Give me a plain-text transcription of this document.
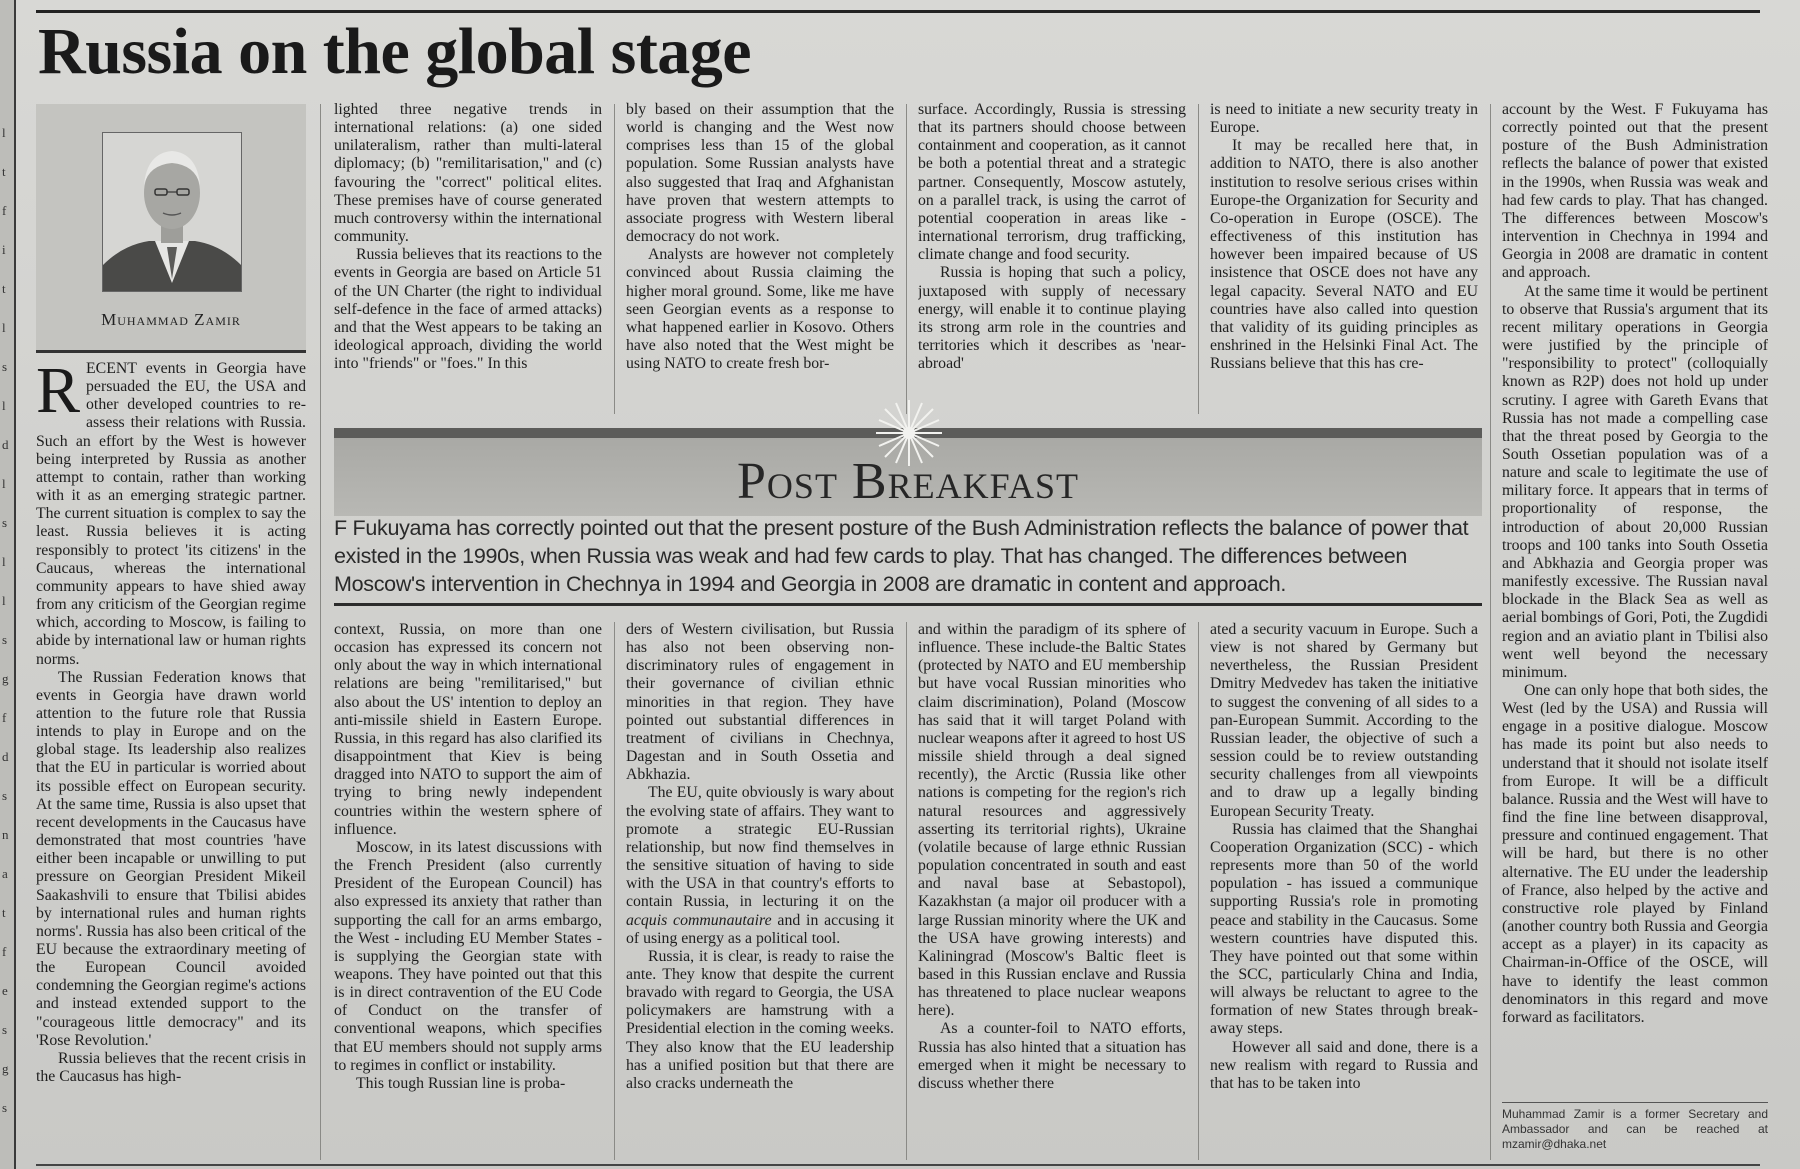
l
t
f
i
t
l
s
l
d
l
s
l
l
s
g
f
d
s
n
a
t
f
e
s
g
s
Russia on the global stage
Muhammad Zamir

RECENT events in Georgia have persuaded the EU, the USA and other developed countries to re-assess their relations with Russia. Such an effort by the West is however being interpreted by Russia as another attempt to contain, rather than working with it as an emerging strategic partner. The current situation is complex to say the least. Russia believes it is acting responsibly to protect 'its citizens' in the Caucaus, whereas the international community appears to have shied away from any criticism of the Georgian regime which, according to Moscow, is failing to abide by international law or human rights norms.

The Russian Federation knows that events in Georgia have drawn world attention to the future role that Russia intends to play in Europe and on the global stage. Its leadership also realizes that the EU in particular is worried about its possible effect on European security. At the same time, Russia is also upset that recent developments in the Caucasus have demonstrated that most countries 'have either been incapable or unwilling to put pressure on Georgian President Mikeil Saakashvili to ensure that Tbilisi abides by international rules and human rights norms'. Russia has also been critical of the EU because the extraordinary meeting of the European Council avoided condemning the Georgian regime's actions and instead extended support to the "courageous little democracy" and its 'Rose Revolution.'

Russia believes that the recent crisis in the Caucasus has high-

lighted three negative trends in international relations: (a) one sided unilateralism, rather than multi-lateral diplomacy; (b) "remilitarisation," and (c) favouring the "correct" political elites. These premises have of course generated much controversy within the international community.

Russia believes that its reactions to the events in Georgia are based on Article 51 of the UN Charter (the right to individual self-defence in the face of armed attacks) and that the West appears to be taking an ideological approach, dividing the world into "friends" or "foes." In this

bly based on their assumption that the world is changing and the West now comprises less than 15 of the global population. Some Russian analysts have also suggested that Iraq and Afghanistan have proven that western attempts to associate progress with Western liberal democracy do not work.

Analysts are however not completely convinced about Russia claiming the higher moral ground. Some, like me have seen Georgian events as a response to what happened earlier in Kosovo. Others have also noted that the West might be using NATO to create fresh bor-

surface. Accordingly, Russia is stressing that its partners should choose between containment and cooperation, as it cannot be both a potential threat and a strategic partner. Consequently, Moscow astutely, on a parallel track, is using the carrot of potential cooperation in areas like - international terrorism, drug trafficking, climate change and food security.

Russia is hoping that such a policy, juxtaposed with supply of necessary energy, will enable it to continue playing its strong arm role in the countries and territories which it describes as 'near-abroad'

is need to initiate a new security treaty in Europe.

It may be recalled here that, in addition to NATO, there is also another institution to resolve serious crises within Europe-the Organization for Security and Co-operation in Europe (OSCE). The effectiveness of this institution has however been impaired because of US insistence that OSCE does not have any legal capacity. Several NATO and EU countries have also called into question that validity of its guiding principles as enshrined in the Helsinki Final Act. The Russians believe that this has cre-

account by the West. F Fukuyama has correctly pointed out that the present posture of the Bush Administration reflects the balance of power that existed in the 1990s, when Russia was weak and had few cards to play. That has changed. The differences between Moscow's intervention in Chechnya in 1994 and Georgia in 2008 are dramatic in content and approach.

At the same time it would be pertinent to observe that Russia's argument that its recent military operations in Georgia were justified by the principle of "responsibility to protect" (colloquially known as R2P) does not hold up under scrutiny. I agree with Gareth Evans that Russia has not made a compelling case that the threat posed by Georgia to the South Ossetian population was of a nature and scale to legitimate the use of military force. It appears that in terms of proportionality of response, the introduction of about 20,000 Russian troops and 100 tanks into South Ossetia and Abkhazia and Georgia proper was manifestly excessive. The Russian naval blockade in the Black Sea as well as aerial bombings of Gori, Poti, the Zugdidi region and an aviatio plant in Tbilisi also went well beyond the necessary minimum.

One can only hope that both sides, the West (led by the USA) and Russia will engage in a positive dialogue. Moscow has made its point but also needs to understand that it should not isolate itself from Europe. It will be a difficult balance. Russia and the West will have to find the fine line between disapproval, pressure and continued engagement. That will be hard, but there is no other alternative. The EU under the leadership of France, also helped by the active and constructive role played by Finland (another country both Russia and Georgia accept as a player) in its capacity as Chairman-in-Office of the OSCE, will have to identify the least common denominators in this regard and move forward as facilitators.

Post Breakfast
F Fukuyama has correctly pointed out that the present posture of the Bush Administration reflects the balance of power that existed in the 1990s, when Russia was weak and had few cards to play. That has changed. The differences between Moscow's intervention in Chechnya in 1994 and Georgia in 2008 are dramatic in content and approach.

context, Russia, on more than one occasion has expressed its concern not only about the way in which international relations are being "remilitarised," but also about the US' intention to deploy an anti-missile shield in Eastern Europe. Russia, in this regard has also clarified its disappointment that Kiev is being dragged into NATO to support the aim of trying to bring newly independent countries within the western sphere of influence.

Moscow, in its latest discussions with the French President (also currently President of the European Council) has also expressed its anxiety that rather than supporting the call for an arms embargo, the West - including EU Member States - is supplying the Georgian state with weapons. They have pointed out that this is in direct contravention of the EU Code of Conduct on the transfer of conventional weapons, which specifies that EU members should not supply arms to regimes in conflict or instability.

This tough Russian line is proba-

ders of Western civilisation, but Russia has also not been observing non-discriminatory rules of engagement in their governance of civilian ethnic minorities in that region. They have pointed out substantial differences in treatment of civilians in Chechnya, Dagestan and in South Ossetia and Abkhazia.

The EU, quite obviously is wary about the evolving state of affairs. They want to promote a strategic EU-Russian relationship, but now find themselves in the sensitive situation of having to side with the USA in that country's efforts to contain Russia, in lecturing it on the acquis communautaire and in accusing it of using energy as a political tool.

Russia, it is clear, is ready to raise the ante. They know that despite the current bravado with regard to Georgia, the USA policymakers are hamstrung with a Presidential election in the coming weeks. They also know that the EU leadership has a unified position but that there are also cracks underneath the

and within the paradigm of its sphere of influence. These include-the Baltic States (protected by NATO and EU membership but have vocal Russian minorities who claim discrimination), Poland (Moscow has said that it will target Poland with nuclear weapons after it agreed to host US missile shield through a deal signed recently), the Arctic (Russia like other nations is competing for the region's rich natural resources and aggressively asserting its territorial rights), Ukraine (volatile because of large ethnic Russian population concentrated in south and east and naval base at Sebastopol), Kazakhstan (a major oil producer with a large Russian minority where the UK and the USA have growing interests) and Kaliningrad (Moscow's Baltic fleet is based in this Russian enclave and Russia has threatened to place nuclear weapons here).

As a counter-foil to NATO efforts, Russia has also hinted that a situation has emerged when it might be necessary to discuss whether there

ated a security vacuum in Europe. Such a view is not shared by Germany but nevertheless, the Russian President Dmitry Medvedev has taken the initiative to suggest the convening of all sides to a pan-European Summit. According to the Russian leader, the objective of such a session could be to review outstanding security challenges from all viewpoints and to draw up a legally binding European Security Treaty.

Russia has claimed that the Shanghai Cooperation Organization (SCC) - which represents more than 50 of the world population - has issued a communique supporting Russia's role in promoting peace and stability in the Caucasus. Some western countries have disputed this. They have pointed out that some within the SCC, particularly China and India, will always be reluctant to agree to the formation of new States through break-away steps.

However all said and done, there is a new realism with regard to Russia and that has to be taken into

Muhammad Zamir is a former Secretary and Ambassador and can be reached at mzamir@dhaka.net
